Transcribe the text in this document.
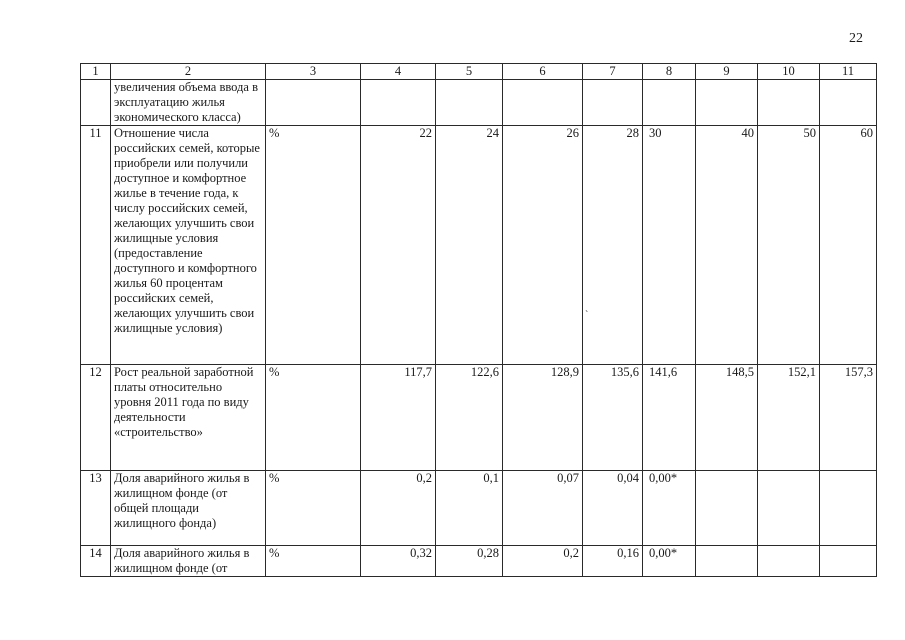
22
1	2	3	4	5	6	7	8	9	10	11
	увеличения объема ввода в эксплуатацию жилья экономического класса)									
11	Отношение числа российских семей, которые приобрели или получили доступное и комфортное жилье в течение года, к числу российских семей, желающих улучшить свои жилищные условия (предоставление доступного и комфортного жилья 60 процентам российских семей, желающих улучшить свои жилищные условия)	%	22	24	26	28	30	40	50	60
12	Рост реальной заработной платы относительно уровня 2011 года по виду деятельности «строительство»	%	117,7	122,6	128,9	135,6	141,6	148,5	152,1	157,3
13	Доля аварийного жилья в жилищном фонде (от общей площади жилищного фонда)	%	0,2	0,1	0,07	0,04	0,00*			
14	Доля аварийного жилья в жилищном фонде (от	%	0,32	0,28	0,2	0,16	0,00*			
`
